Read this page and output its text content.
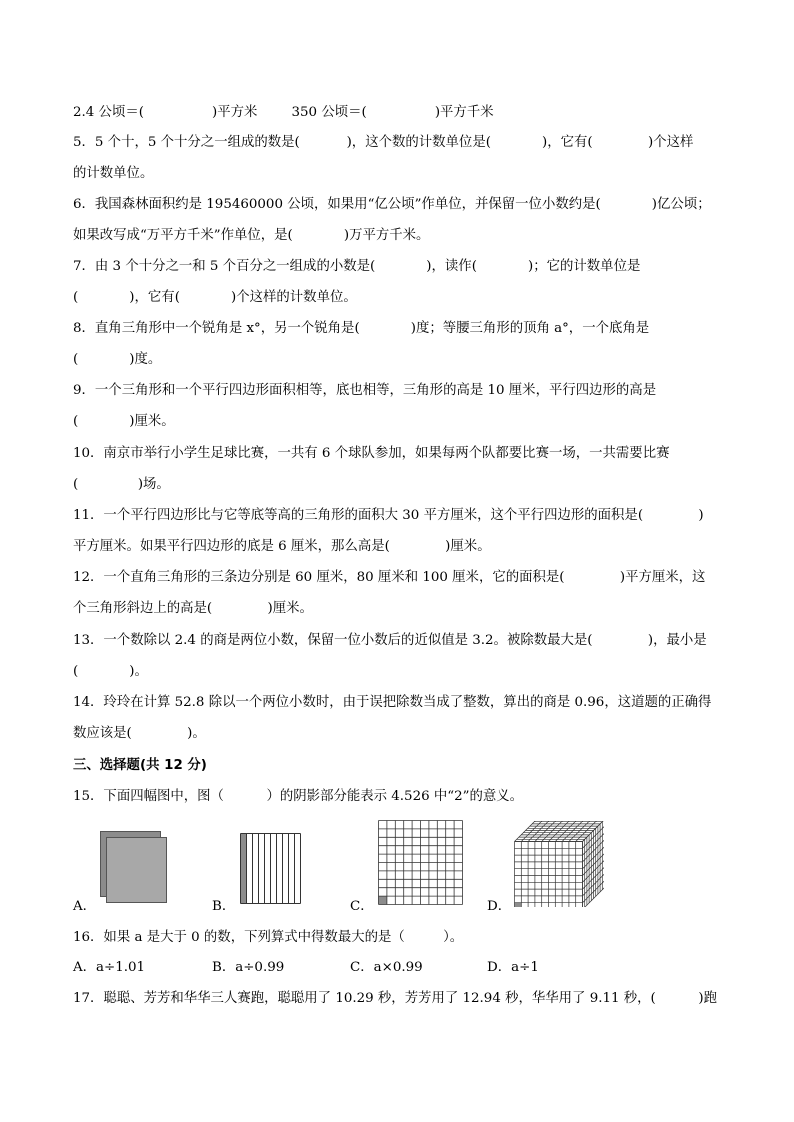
2.4 公顷＝(                )平方米        350 公顷＝(                )平方千米
5．5 个十，5 个十分之一组成的数是(           )，这个数的计数单位是(            )，它有(             )个这样
的计数单位。
6．我国森林面积约是 195460000 公顷，如果用“亿公顷”作单位，并保留一位小数约是(            )亿公顷；
如果改写成“万平方千米”作单位，是(            )万平方千米。
7．由 3 个十分之一和 5 个百分之一组成的小数是(            )，读作(            )；它的计数单位是
(            )，它有(            )个这样的计数单位。
8．直角三角形中一个锐角是 x°，另一个锐角是(            )度；等腰三角形的顶角 a°，一个底角是
(            )度。
9．一个三角形和一个平行四边形面积相等，底也相等，三角形的高是 10 厘米，平行四边形的高是
(            )厘米。
10．南京市举行小学生足球比赛，一共有 6 个球队参加，如果每两个队都要比赛一场，一共需要比赛
(              )场。
11．一个平行四边形比与它等底等高的三角形的面积大 30 平方厘米，这个平行四边形的面积是(             )
平方厘米。如果平行四边形的底是 6 厘米，那么高是(             )厘米。
12．一个直角三角形的三条边分别是 60 厘米，80 厘米和 100 厘米，它的面积是(             )平方厘米，这
个三角形斜边上的高是(             )厘米。
13．一个数除以 2.4 的商是两位小数，保留一位小数后的近似值是 3.2。被除数最大是(             )，最小是
(            )。
14．玲玲在计算 52.8 除以一个两位小数时，由于误把除数当成了整数，算出的商是 0.96，这道题的正确得
数应该是(             )。
三、选择题(共 12 分)
15．下面四幅图中，图（          ）的阴影部分能表示 4.526 中“2”的意义。
A．	B．	C．	D．
16．如果 a 是大于 0 的数，下列算式中得数最大的是（         ）。
A．a÷1.01	B．a÷0.99	C．a×0.99	D．a÷1
17．聪聪、芳芳和华华三人赛跑，聪聪用了 10.29 秒，芳芳用了 12.94 秒，华华用了 9.11 秒，(          )跑
